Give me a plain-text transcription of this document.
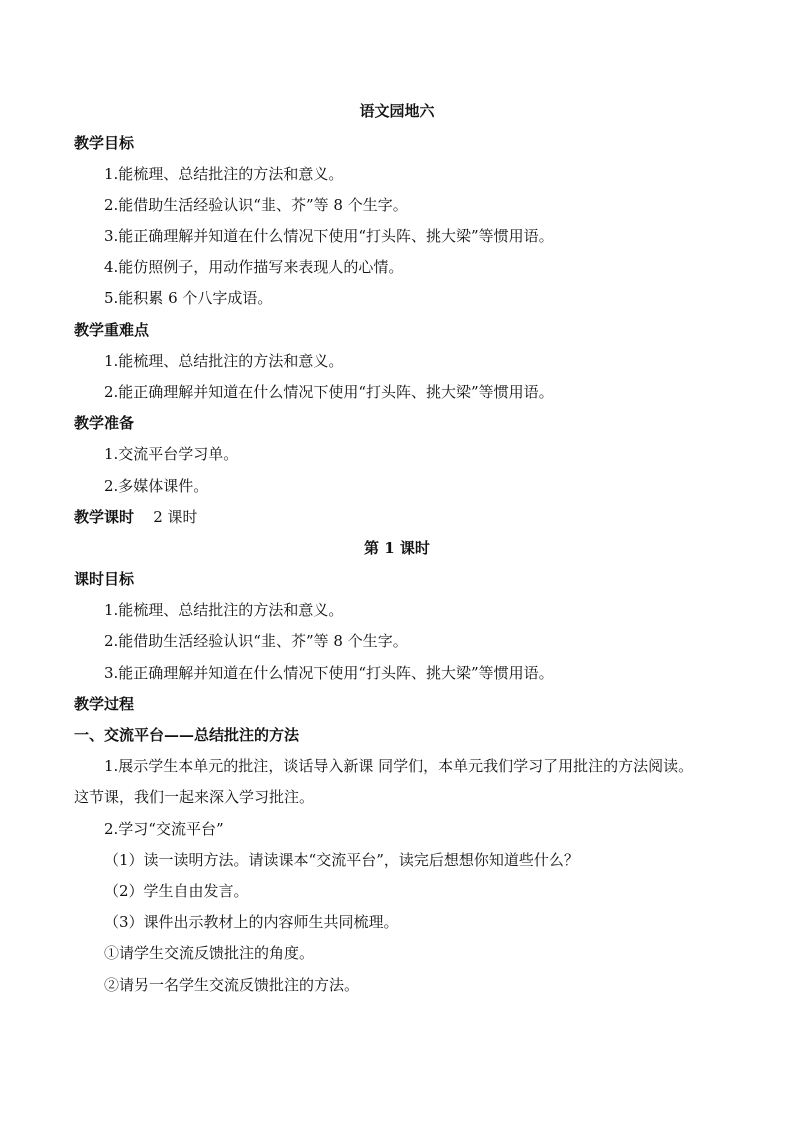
语文园地六
教学目标
1.能梳理、总结批注的方法和意义。
2.能借助生活经验认识“韭、芥”等 8 个生字。
3.能正确理解并知道在什么情况下使用“打头阵、挑大梁”等惯用语。
4.能仿照例子，用动作描写来表现人的心情。
5.能积累 6 个八字成语。
教学重难点
1.能梳理、总结批注的方法和意义。
2.能正确理解并知道在什么情况下使用“打头阵、挑大梁”等惯用语。
教学准备
1.交流平台学习单。
2.多媒体课件。
教学课时 2 课时
第 1 课时
课时目标
1.能梳理、总结批注的方法和意义。
2.能借助生活经验认识“韭、芥”等 8 个生字。
3.能正确理解并知道在什么情况下使用“打头阵、挑大梁”等惯用语。
教学过程
一、交流平台——总结批注的方法
1.展示学生本单元的批注，谈话导入新课 同学们，本单元我们学习了用批注的方法阅读。
这节课，我们一起来深入学习批注。
2.学习“交流平台”
（1）读一读明方法。请读课本“交流平台”，读完后想想你知道些什么？
（2）学生自由发言。
（3）课件出示教材上的内容师生共同梳理。
①请学生交流反馈批注的角度。
②请另一名学生交流反馈批注的方法。
